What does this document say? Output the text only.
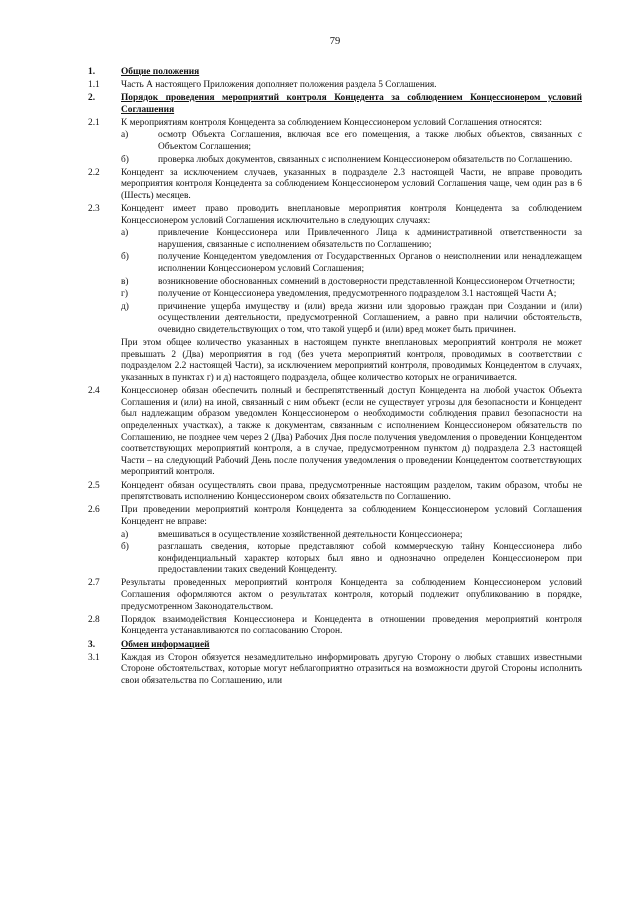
79
1.	Общие положения
1.1	Часть А настоящего Приложения дополняет положения раздела 5 Соглашения.
2.	Порядок проведения мероприятий контроля Концедента за соблюдением Концессионером условий Соглашения
2.1	К мероприятиям контроля Концедента за соблюдением Концессионером условий Соглашения относятся:
а)	осмотр Объекта Соглашения, включая все его помещения, а также любых объектов, связанных с Объектом Соглашения;
б)	проверка любых документов, связанных с исполнением Концессионером обязательств по Соглашению.
2.2	Концедент за исключением случаев, указанных в подразделе 2.3 настоящей Части, не вправе проводить мероприятия контроля Концедента за соблюдением Концессионером условий Соглашения чаще, чем один раз в 6 (Шесть) месяцев.
2.3	Концедент имеет право проводить внеплановые мероприятия контроля Концедента за соблюдением Концессионером условий Соглашения исключительно в следующих случаях:
а)	привлечение Концессионера или Привлеченного Лица к административной ответственности за нарушения, связанные с исполнением обязательств по Соглашению;
б)	получение Концедентом уведомления от Государственных Органов о неисполнении или ненадлежащем исполнении Концессионером условий Соглашения;
в)	возникновение обоснованных сомнений в достоверности представленной Концессионером Отчетности;
г)	получение от Концессионера уведомления, предусмотренного подразделом 3.1 настоящей Части А;
д)	причинение ущерба имуществу и (или) вреда жизни или здоровью граждан при Создании и (или) осуществлении деятельности, предусмотренной Соглашением, а равно при наличии обстоятельств, очевидно свидетельствующих о том, что такой ущерб и (или) вред может быть причинен.
При этом общее количество указанных в настоящем пункте внеплановых мероприятий контроля не может превышать 2 (Два) мероприятия в год (без учета мероприятий контроля, проводимых в соответствии с подразделом 2.2 настоящей Части), за исключением мероприятий контроля, проводимых Концедентом в случаях, указанных в пунктах г) и д) настоящего подраздела, общее количество которых не ограничивается.
2.4	Концессионер обязан обеспечить полный и беспрепятственный доступ Концедента на любой участок Объекта Соглашения и (или) на иной, связанный с ним объект (если не существует угрозы для безопасности и Концедент был надлежащим образом уведомлен Концессионером о необходимости соблюдения правил безопасности на определенных участках), а также к документам, связанным с исполнением Концессионером обязательств по Соглашению, не позднее чем через 2 (Два) Рабочих Дня после получения уведомления о проведении Концедентом соответствующих мероприятий контроля, а в случае, предусмотренном пунктом д) подраздела 2.3 настоящей Части – на следующий Рабочий День после получения уведомления о проведении Концедентом соответствующих мероприятий контроля.
2.5	Концедент обязан осуществлять свои права, предусмотренные настоящим разделом, таким образом, чтобы не препятствовать исполнению Концессионером своих обязательств по Соглашению.
2.6	При проведении мероприятий контроля Концедента за соблюдением Концессионером условий Соглашения Концедент не вправе:
а)	вмешиваться в осуществление хозяйственной деятельности Концессионера;
б)	разглашать сведения, которые представляют собой коммерческую тайну Концессионера либо конфиденциальный характер которых был явно и однозначно определен Концессионером при предоставлении таких сведений Концеденту.
2.7	Результаты проведенных мероприятий контроля Концедента за соблюдением Концессионером условий Соглашения оформляются актом о результатах контроля, который подлежит опубликованию в порядке, предусмотренном Законодательством.
2.8	Порядок взаимодействия Концессионера и Концедента в отношении проведения мероприятий контроля Концедента устанавливаются по согласованию Сторон.
3.	Обмен информацией
3.1	Каждая из Сторон обязуется незамедлительно информировать другую Сторону о любых ставших известными Стороне обстоятельствах, которые могут неблагоприятно отразиться на возможности другой Стороны исполнить свои обязательства по Соглашению, или
